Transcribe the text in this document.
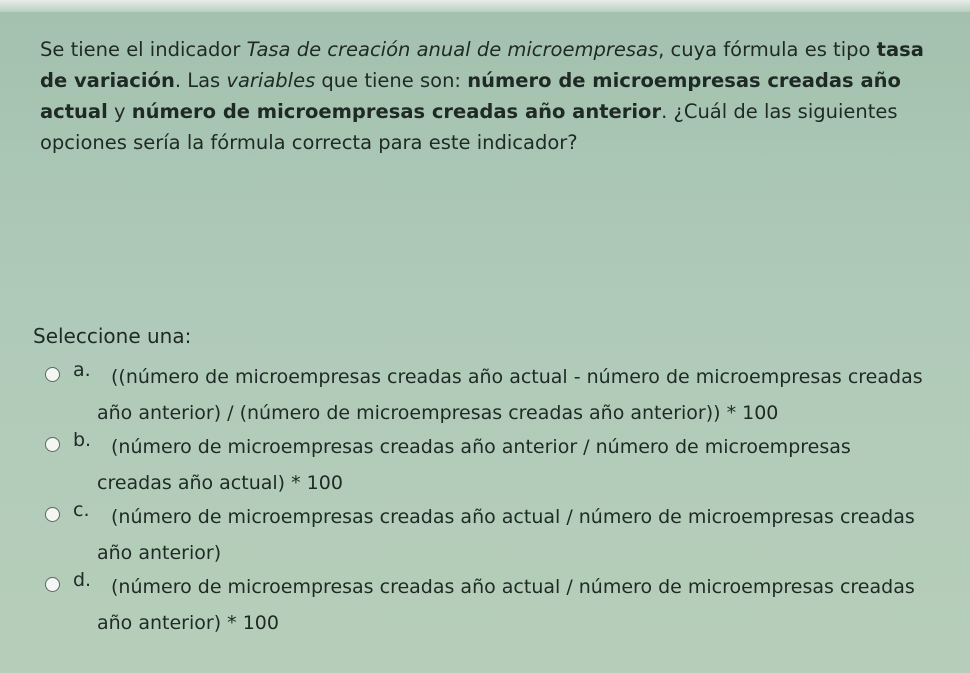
Se tiene el indicador Tasa de creación anual de microempresas, cuya fórmula es tipo tasa de variación. Las variables que tiene son: número de microempresas creadas año actual y número de microempresas creadas año anterior. ¿Cuál de las siguientes opciones sería la fórmula correcta para este indicador?

Seleccione una:

a. ((número de microempresas creadas año actual - número de microempresas creadas
año anterior) / (número de microempresas creadas año anterior)) * 100
b. (número de microempresas creadas año anterior / número de microempresas
creadas año actual) * 100
c. (número de microempresas creadas año actual / número de microempresas creadas
año anterior)
d. (número de microempresas creadas año actual / número de microempresas creadas
año anterior) * 100
